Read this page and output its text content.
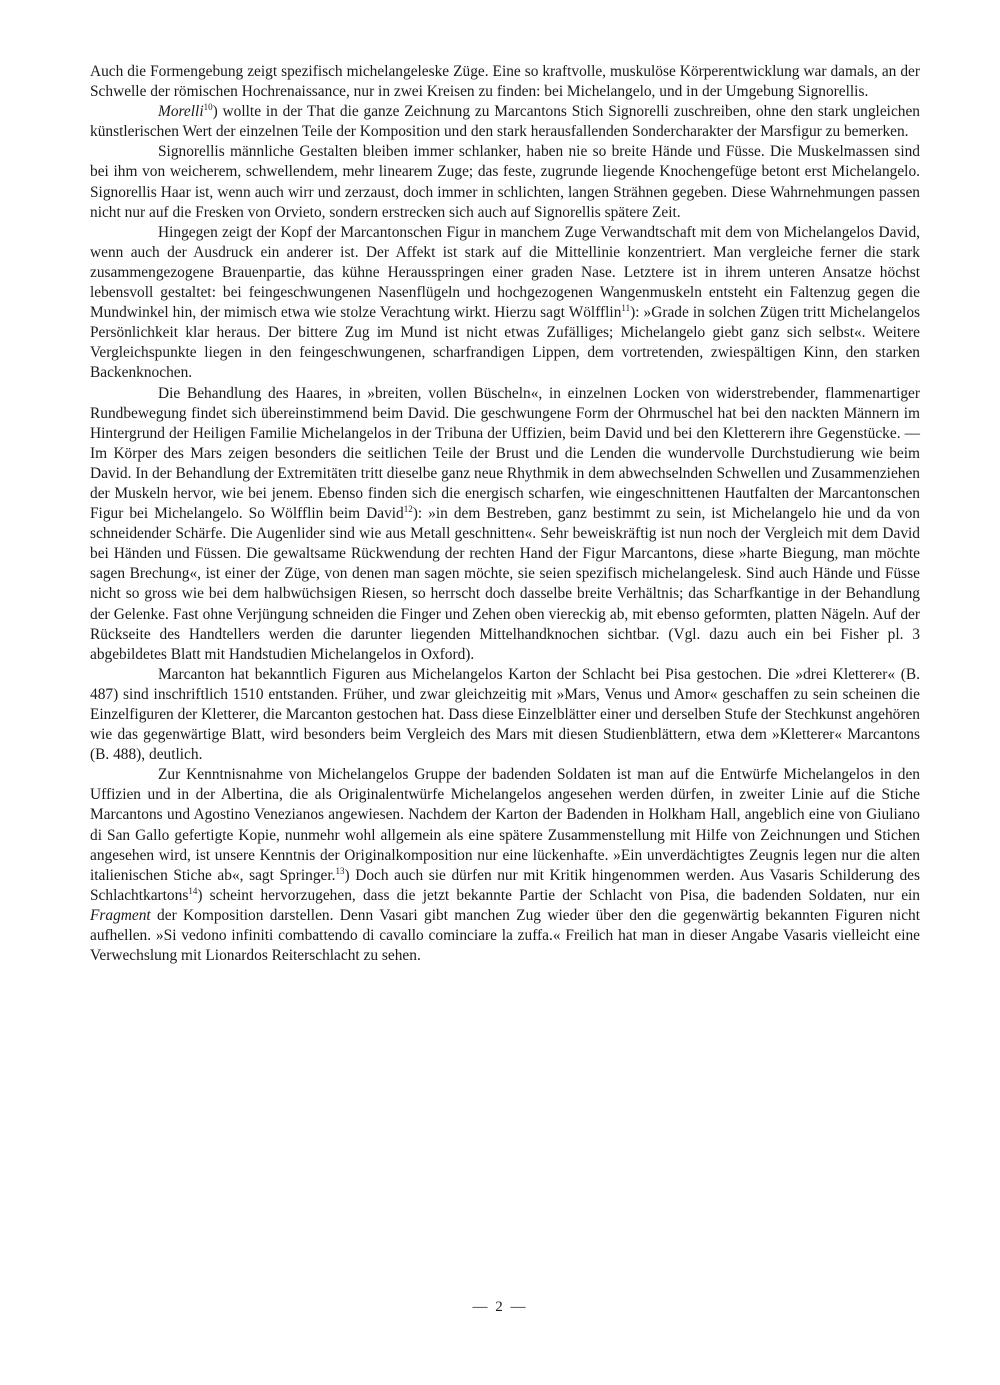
Auch die Formengebung zeigt spezifisch michelangeleske Züge. Eine so kraftvolle, muskulöse Körperentwicklung war damals, an der Schwelle der römischen Hochrenaissance, nur in zwei Kreisen zu finden: bei Michelangelo, und in der Umgebung Signorellis.

Morelli$^{10}$) wollte in der That die ganze Zeichnung zu Marcantons Stich Signorelli zuschreiben, ohne den stark ungleichen künstlerischen Wert der einzelnen Teile der Komposition und den stark herausfallenden Sondercharakter der Marsfigur zu bemerken.

Signorellis männliche Gestalten bleiben immer schlanker, haben nie so breite Hände und Füsse. Die Muskelmassen sind bei ihm von weicherem, schwellendem, mehr linearem Zuge; das feste, zugrunde liegende Knochengefüge betont erst Michelangelo. Signorellis Haar ist, wenn auch wirr und zerzaust, doch immer in schlichten, langen Strähnen gegeben. Diese Wahrnehmungen passen nicht nur auf die Fresken von Orvieto, sondern erstrecken sich auch auf Signorellis spätere Zeit.

Hingegen zeigt der Kopf der Marcantonschen Figur in manchem Zuge Verwandtschaft mit dem von Michelangelos David, wenn auch der Ausdruck ein anderer ist. Der Affekt ist stark auf die Mittellinie konzentriert. Man vergleiche ferner die stark zusammengezogene Brauenpartie, das kühne Herausspringen einer graden Nase. Letztere ist in ihrem unteren Ansatze höchst lebensvoll gestaltet: bei feingeschwungenen Nasenflügeln und hochgezogenen Wangenmuskeln entsteht ein Faltenzug gegen die Mundwinkel hin, der mimisch etwa wie stolze Verachtung wirkt. Hierzu sagt Wölfflin$^{11}$): »Grade in solchen Zügen tritt Michelangelos Persönlichkeit klar heraus. Der bittere Zug im Mund ist nicht etwas Zufälliges; Michelangelo giebt ganz sich selbst«. Weitere Vergleichspunkte liegen in den feingeschwungenen, scharfrandigen Lippen, dem vortretenden, zwiespältigen Kinn, den starken Backenknochen.

Die Behandlung des Haares, in »breiten, vollen Büscheln«, in einzelnen Locken von widerstrebender, flammenartiger Rundbewegung findet sich übereinstimmend beim David. Die geschwungene Form der Ohrmuschel hat bei den nackten Männern im Hintergrund der Heiligen Familie Michelangelos in der Tribuna der Uffizien, beim David und bei den Kletterern ihre Gegenstücke. — Im Körper des Mars zeigen besonders die seitlichen Teile der Brust und die Lenden die wundervolle Durchstudierung wie beim David. In der Behandlung der Extremitäten tritt dieselbe ganz neue Rhythmik in dem abwechselnden Schwellen und Zusammenziehen der Muskeln hervor, wie bei jenem. Ebenso finden sich die energisch scharfen, wie eingeschnittenen Hautfalten der Marcantonschen Figur bei Michelangelo. So Wölfflin beim David$^{12}$): »in dem Bestreben, ganz bestimmt zu sein, ist Michelangelo hie und da von schneidender Schärfe. Die Augenlider sind wie aus Metall geschnitten«. Sehr beweiskräftig ist nun noch der Vergleich mit dem David bei Händen und Füssen. Die gewaltsame Rückwendung der rechten Hand der Figur Marcantons, diese »harte Biegung, man möchte sagen Brechung«, ist einer der Züge, von denen man sagen möchte, sie seien spezifisch michelangelesk. Sind auch Hände und Füsse nicht so gross wie bei dem halbwüchsigen Riesen, so herrscht doch dasselbe breite Verhältnis; das Scharfkantige in der Behandlung der Gelenke. Fast ohne Verjüngung schneiden die Finger und Zehen oben viereckig ab, mit ebenso geformten, platten Nägeln. Auf der Rückseite des Handtellers werden die darunter liegenden Mittelhandknochen sichtbar. (Vgl. dazu auch ein bei Fisher pl. 3 abgebildetes Blatt mit Handstudien Michelangelos in Oxford).

Marcanton hat bekanntlich Figuren aus Michelangelos Karton der Schlacht bei Pisa gestochen. Die »drei Kletterer« (B. 487) sind inschriftlich 1510 entstanden. Früher, und zwar gleichzeitig mit »Mars, Venus und Amor« geschaffen zu sein scheinen die Einzelfiguren der Kletterer, die Marcanton gestochen hat. Dass diese Einzelblätter einer und derselben Stufe der Stechkunst angehören wie das gegenwärtige Blatt, wird besonders beim Vergleich des Mars mit diesen Studienblättern, etwa dem »Kletterer« Marcantons (B. 488), deutlich.

Zur Kenntnisnahme von Michelangelos Gruppe der badenden Soldaten ist man auf die Entwürfe Michelangelos in den Uffizien und in der Albertina, die als Originalentwürfe Michelangelos angesehen werden dürfen, in zweiter Linie auf die Stiche Marcantons und Agostino Venezianos angewiesen. Nachdem der Karton der Badenden in Holkham Hall, angeblich eine von Giuliano di San Gallo gefertigte Kopie, nunmehr wohl allgemein als eine spätere Zusammenstellung mit Hilfe von Zeichnungen und Stichen angesehen wird, ist unsere Kenntnis der Originalkomposition nur eine lückenhafte. »Ein unverdächtigtes Zeugnis legen nur die alten italienischen Stiche ab«, sagt Springer.$^{13}$) Doch auch sie dürfen nur mit Kritik hingenommen werden. Aus Vasaris Schilderung des Schlachtkartons$^{14}$) scheint hervorzugehen, dass die jetzt bekannte Partie der Schlacht von Pisa, die badenden Soldaten, nur ein Fragment der Komposition darstellen. Denn Vasari gibt manchen Zug wieder über den die gegenwärtig bekannten Figuren nicht aufhellen. »Si vedono infiniti combattendo di cavallo cominciare la zuffa.« Freilich hat man in dieser Angabe Vasaris vielleicht eine Verwechslung mit Lionardos Reiterschlacht zu sehen.

— 2 —
